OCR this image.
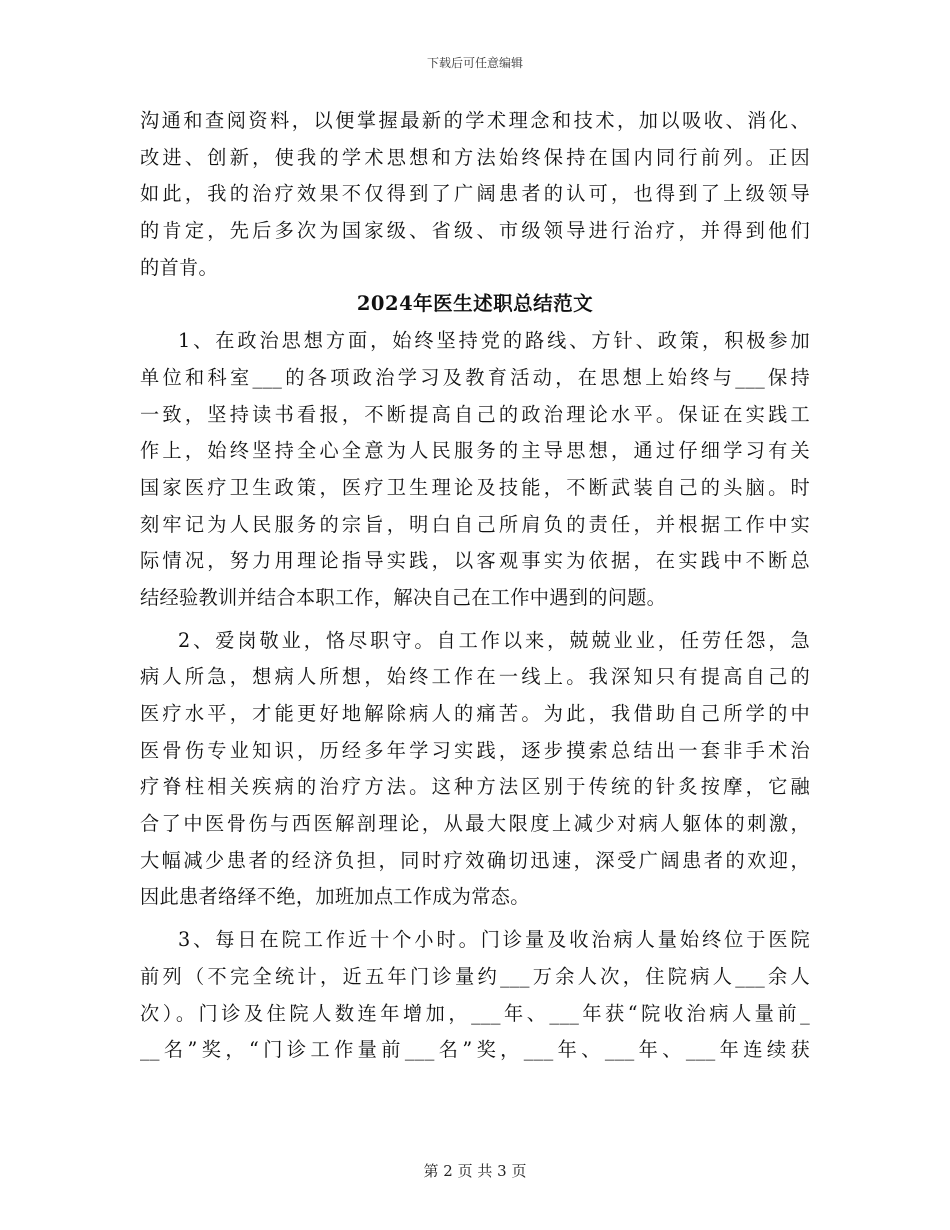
下载后可任意编辑
沟通和查阅资料，以便掌握最新的学术理念和技术，加以吸收、消化、
改进、创新，使我的学术思想和方法始终保持在国内同行前列。正因
如此，我的治疗效果不仅得到了广阔患者的认可，也得到了上级领导
的肯定，先后多次为国家级、省级、市级领导进行治疗，并得到他们
的首肯。
2024年医生述职总结范文
1、在政治思想方面，始终坚持党的路线、方针、政策，积极参加
单位和科室___的各项政治学习及教育活动，在思想上始终与___保持
一致，坚持读书看报，不断提高自己的政治理论水平。保证在实践工
作上，始终坚持全心全意为人民服务的主导思想，通过仔细学习有关
国家医疗卫生政策，医疗卫生理论及技能，不断武装自己的头脑。时
刻牢记为人民服务的宗旨，明白自己所肩负的责任，并根据工作中实
际情况，努力用理论指导实践，以客观事实为依据，在实践中不断总
结经验教训并结合本职工作，解决自己在工作中遇到的问题。
2、爱岗敬业，恪尽职守。自工作以来，兢兢业业，任劳任怨，急
病人所急，想病人所想，始终工作在一线上。我深知只有提高自己的
医疗水平，才能更好地解除病人的痛苦。为此，我借助自己所学的中
医骨伤专业知识，历经多年学习实践，逐步摸索总结出一套非手术治
疗脊柱相关疾病的治疗方法。这种方法区别于传统的针炙按摩，它融
合了中医骨伤与西医解剖理论，从最大限度上减少对病人躯体的刺激，
大幅减少患者的经济负担，同时疗效确切迅速，深受广阔患者的欢迎，
因此患者络绎不绝，加班加点工作成为常态。
3、每日在院工作近十个小时。门诊量及收治病人量始终位于医院
前列（不完全统计，近五年门诊量约___万余人次，住院病人___余人
次）。门诊及住院人数连年增加，___年、___年获“院收治病人量前_
__名”奖，“门诊工作量前___名”奖，___年、___年、___年连续获
第 2 页 共 3 页
